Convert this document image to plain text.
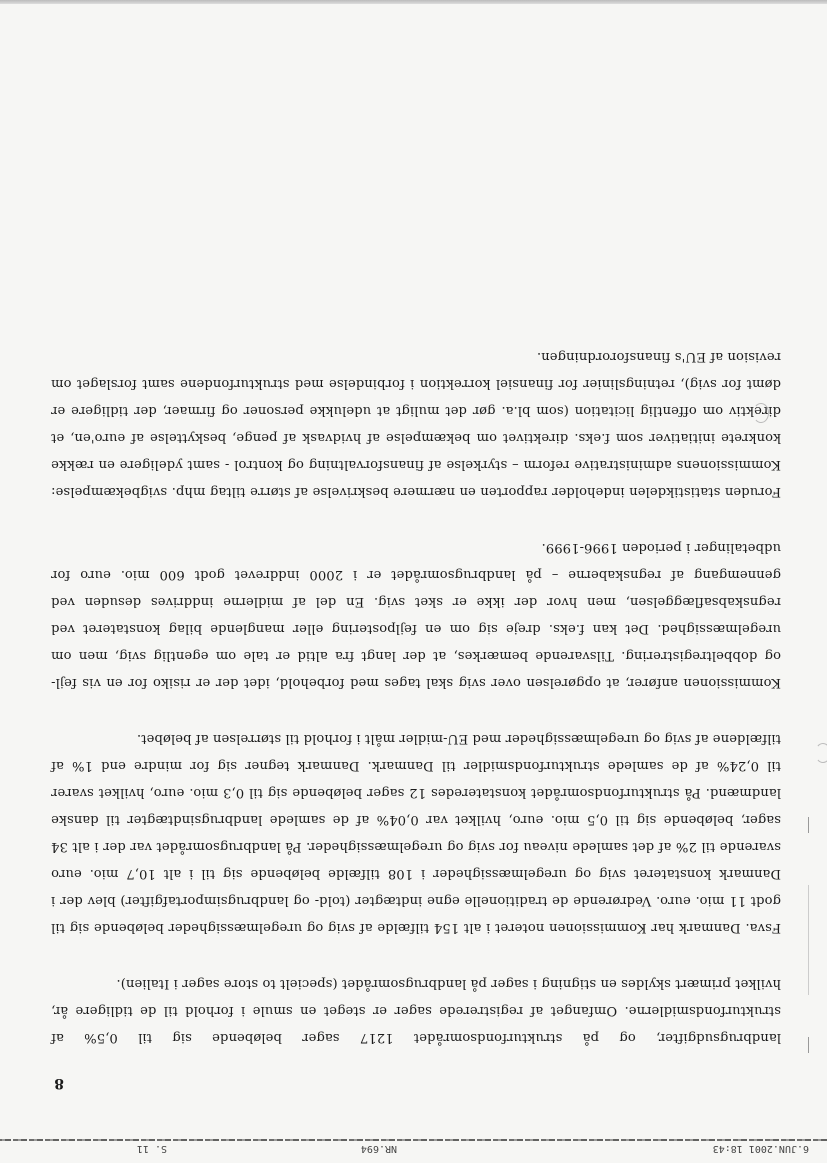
6.JUN.2001 18:43
NR.694
S. 11
8

landbrugsudgifter, og på strukturfondsområdet 1217 sager beløbende sig til 0,5% af strukturfondsmidlerne. Omfanget af registrerede sager er steget en smule i forhold til de tidligere år, hvilket primært skyldes en stigning i sager på landbrugsområdet (specielt to store sager i Italien).

Fsva. Danmark har Kommissionen noteret i alt 154 tilfælde af svig og uregelmæssigheder beløbende sig til godt 11 mio. euro. Vedrørende de traditionelle egne indtægter (told- og landbrugsimportafgifter) blev der i Danmark konstateret svig og uregelmæssigheder i 108 tilfælde beløbende sig til i alt 10,7 mio. euro svarende til 2% af det samlede niveau for svig og uregelmæssigheder. På landbrugsområdet var der i alt 34 sager, beløbende sig til 0,5 mio. euro, hvilket var 0,04% af de samlede landbrugsindtægter til danske landmænd. På strukturfondsområdet konstateredes 12 sager beløbende sig til 0,3 mio. euro, hvilket svarer til 0,24% af de samlede strukturfondsmidler til Danmark. Danmark tegner sig for mindre end 1% af tilfældene af svig og uregelmæssigheder med EU-midler målt i forhold til størrelsen af beløbet.

Kommissionen anfører, at opgørelsen over svig skal tages med forbehold, idet der er risiko for en vis fejl- og dobbeltregistrering. Tilsvarende bemærkes, at der langt fra altid er tale om egentlig svig, men om uregelmæssighed. Det kan f.eks. dreje sig om en fejlpostering eller manglende bilag konstateret ved regnskabsaflæggelsen, men hvor der ikke er sket svig. En del af midlerne inddrives desuden ved gennemgang af regnskaberne – på landbrugsområdet er i 2000 inddrevet godt 600 mio. euro for udbetalinger i perioden 1996-1999.

Foruden statistikdelen indeholder rapporten en nærmere beskrivelse af større tiltag mhp. svigbekæmpelse: Kommissionens administrative reform – styrkelse af finansforvaltning og kontrol - samt ydeligere en række konkrete initiativer som f.eks. direktivet om bekæmpelse af hvidvask af penge, beskyttelse af euro'en, et direktiv om offentlig licitation (som bl.a. gør det muligt at udelukke personer og firmaer, der tidligere er dømt for svig), retningslinier for finansiel korrektion i forbindelse med strukturfondene samt forslaget om revision af EU's finansforordningen.
